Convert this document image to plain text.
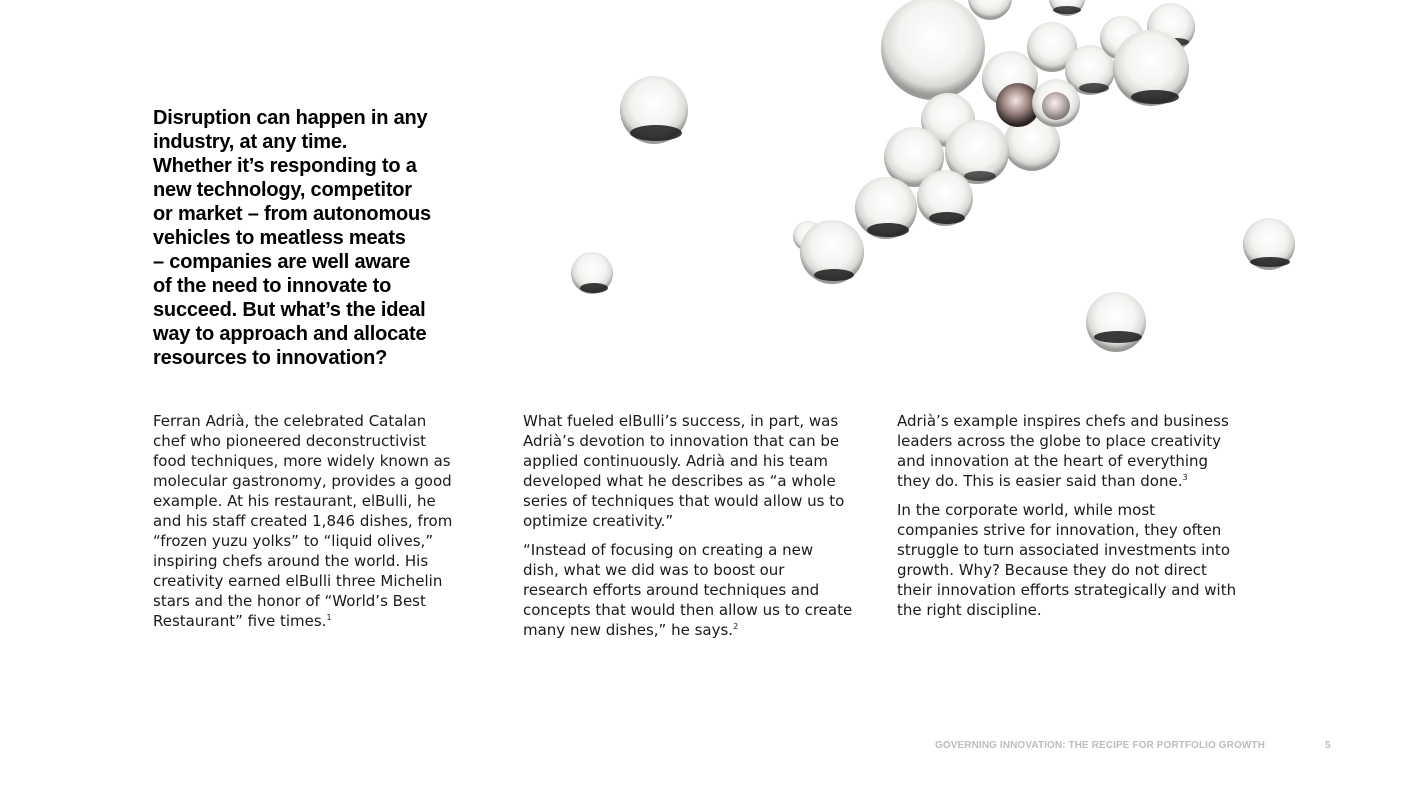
Disruption can happen in any
industry, at any time.
Whether it’s responding to a
new technology, competitor
or market – from autonomous
vehicles to meatless meats
– companies are well aware
of the need to innovate to
succeed. But what’s the ideal
way to approach and allocate
resources to innovation?

Ferran Adrià, the celebrated Catalan chef who pioneered deconstructivist food techniques, more widely known as molecular gastronomy, provides a good example. At his restaurant, elBulli, he and his staff created 1,846 dishes, from “frozen yuzu yolks” to “liquid olives,” inspiring chefs around the world. His creativity earned elBulli three Michelin stars and the honor of “World’s Best Restaurant” five times.$^1$

What fueled elBulli’s success, in part, was Adrià’s devotion to innovation that can be applied continuously. Adrià and his team developed what he describes as “a whole series of techniques that would allow us to optimize creativity.”

“Instead of focusing on creating a new dish, what we did was to boost our research efforts around techniques and concepts that would then allow us to create many new dishes,” he says.$^2$

Adrià’s example inspires chefs and business leaders across the globe to place creativity and innovation at the heart of everything they do. This is easier said than done.$^3$

In the corporate world, while most companies strive for innovation, they often struggle to turn associated investments into growth. Why? Because they do not direct their innovation efforts strategically and with the right discipline.

GOVERNING INNOVATION: THE RECIPE FOR PORTFOLIO GROWTH	5
